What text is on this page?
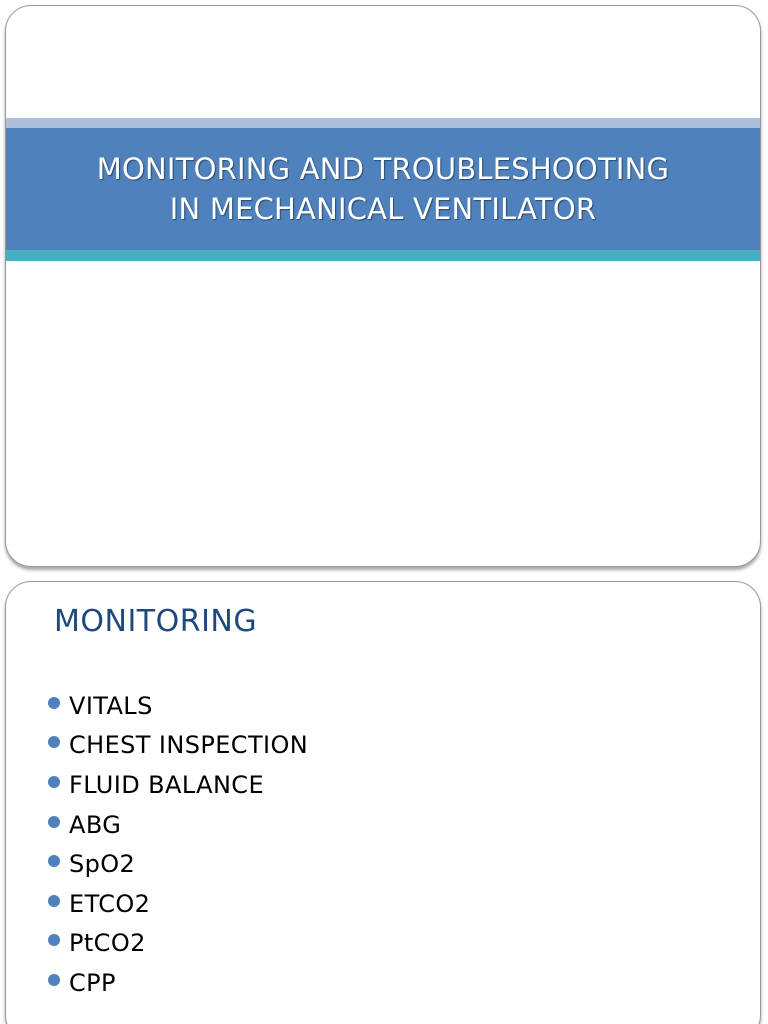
MONITORING AND TROUBLESHOOTING
IN MECHANICAL VENTILATOR
MONITORING
VITALS
CHEST INSPECTION
FLUID BALANCE
ABG
SpO2
ETCO2
PtCO2
CPP
